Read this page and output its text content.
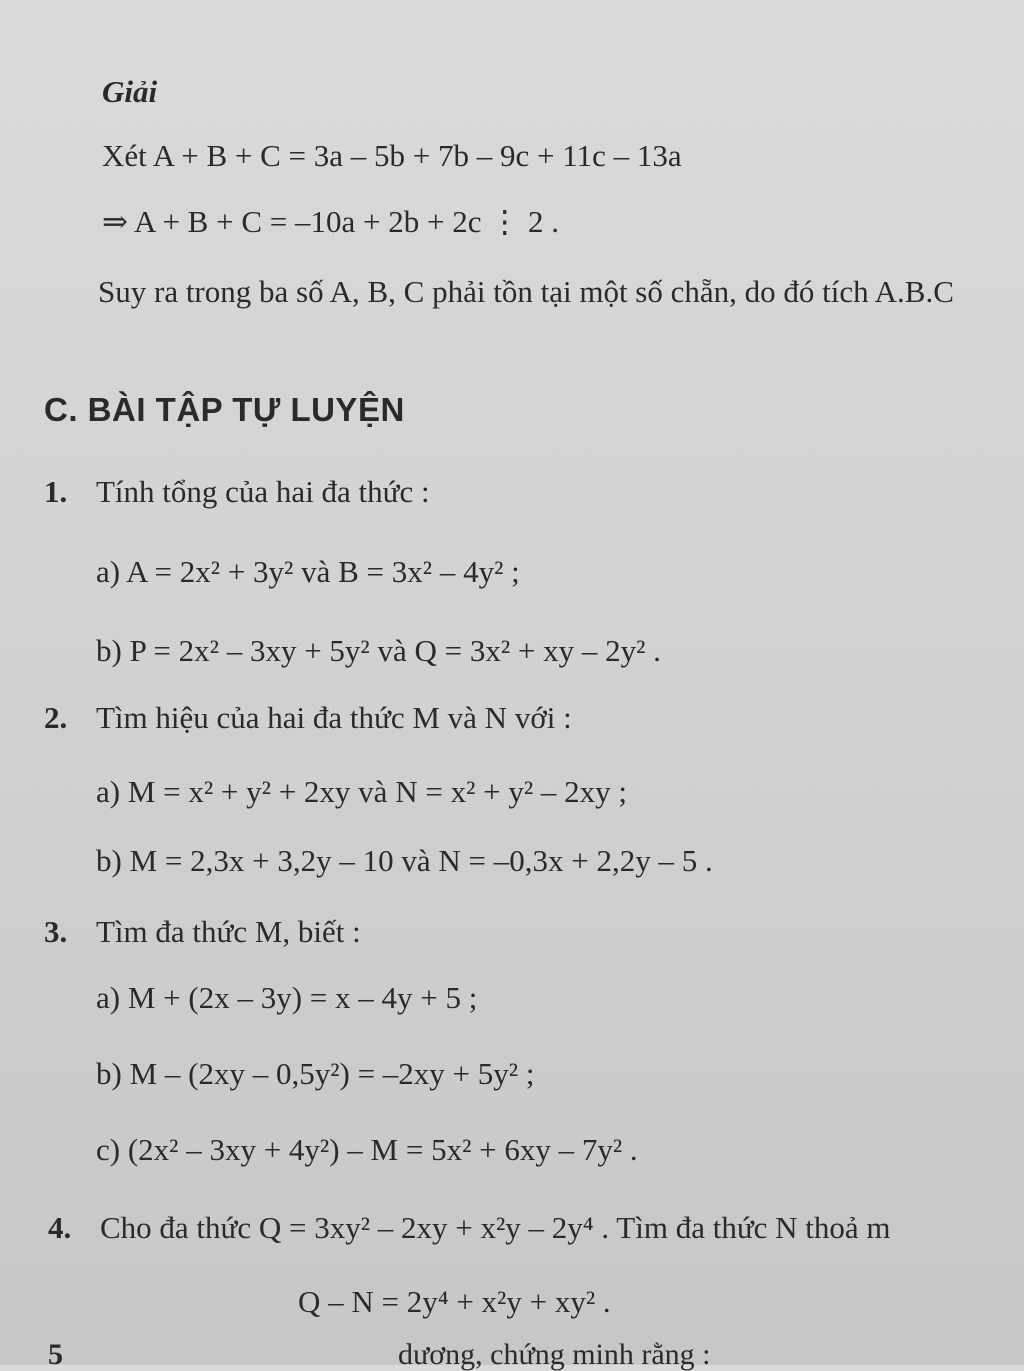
Giải
Xét A + B + C = 3a – 5b + 7b – 9c + 11c – 13a
⇒ A + B + C = –10a + 2b + 2c ⋮ 2 .
Suy ra trong ba số A, B, C phải tồn tại một số chẵn, do đó tích A.B.C
C. BÀI TẬP TỰ LUYỆN
1. Tính tổng của hai đa thức :
a) A = 2x² + 3y² và B = 3x² – 4y² ;
b) P = 2x² – 3xy + 5y² và Q = 3x² + xy – 2y² .
2. Tìm hiệu của hai đa thức M và N với :
a) M = x² + y² + 2xy và N = x² + y² – 2xy ;
b) M = 2,3x + 3,2y – 10 và N = –0,3x + 2,2y – 5 .
3. Tìm đa thức M, biết :
a) M + (2x – 3y) = x – 4y + 5 ;
b) M – (2xy – 0,5y²) = –2xy + 5y² ;
c) (2x² – 3xy + 4y²) – M = 5x² + 6xy – 7y² .
4. Cho đa thức Q = 3xy² – 2xy + x²y – 2y⁴ . Tìm đa thức N thoả m
Q – N = 2y⁴ + x²y + xy² .
5	dương, chứng minh rằng :
